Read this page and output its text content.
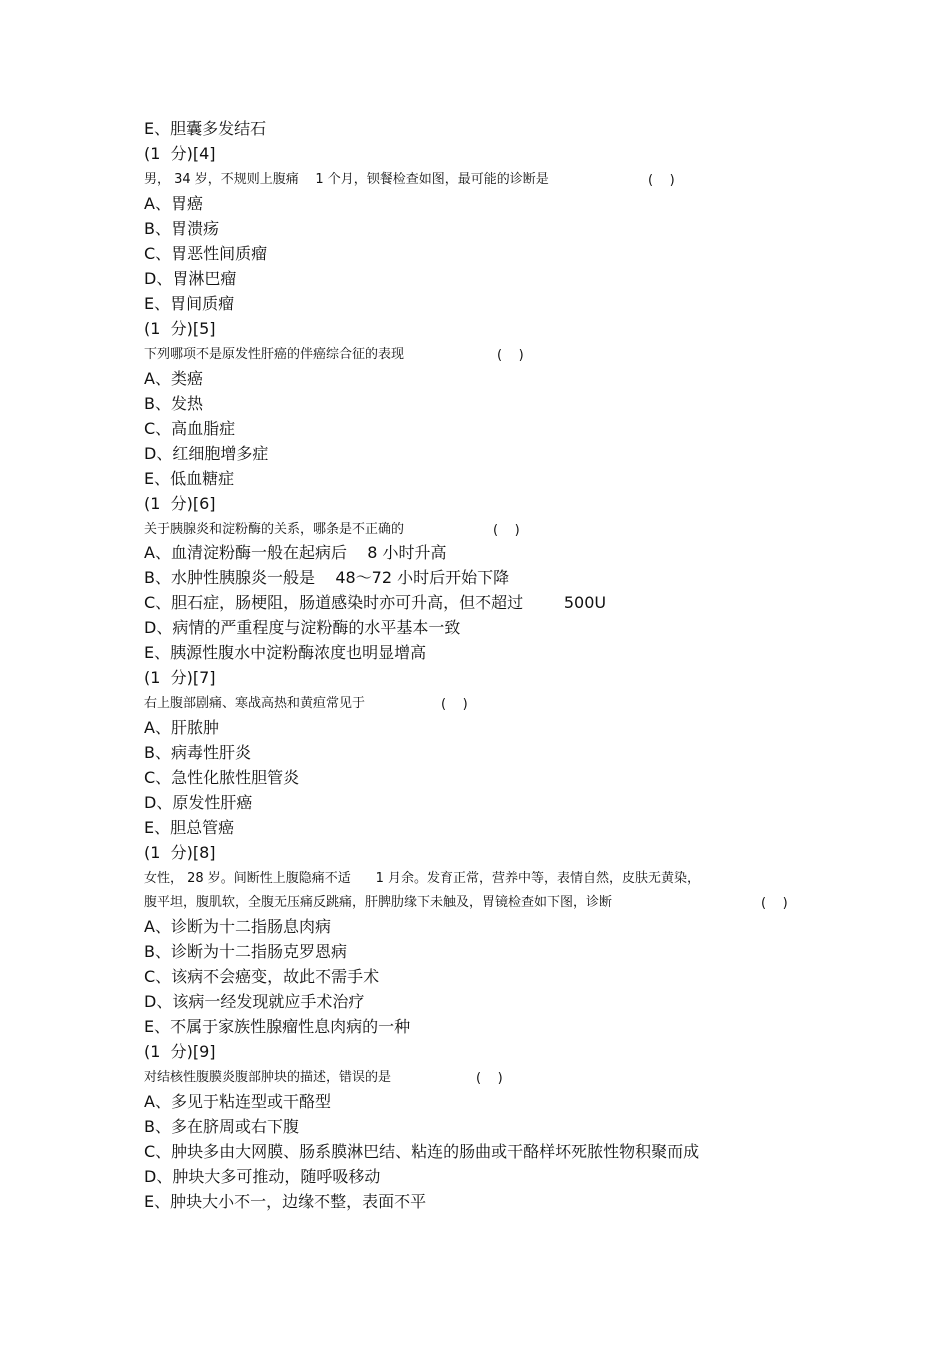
E、胆囊多发结石
(1  分)[4]
男， 34 岁，不规则上腹痛    1 个月，钡餐检查如图，最可能的诊断是	(    )
A、胃癌
B、胃溃疡
C、胃恶性间质瘤
D、胃淋巴瘤
E、胃间质瘤
(1  分)[5]
下列哪项不是原发性肝癌的伴癌综合征的表现	(    )
A、类癌
B、发热
C、高血脂症
D、红细胞增多症
E、低血糖症
(1  分)[6]
关于胰腺炎和淀粉酶的关系，哪条是不正确的	(    )
A、血清淀粉酶一般在起病后    8 小时升高
B、水肿性胰腺炎一般是    48～72 小时后开始下降
C、胆石症，肠梗阻，肠道感染时亦可升高，但不超过        500U
D、病情的严重程度与淀粉酶的水平基本一致
E、胰源性腹水中淀粉酶浓度也明显增高
(1  分)[7]
右上腹部剧痛、寒战高热和黄疸常见于	(    )
A、肝脓肿
B、病毒性肝炎
C、急性化脓性胆管炎
D、原发性肝癌
E、胆总管癌
(1  分)[8]
女性， 28 岁。间断性上腹隐痛不适      1 月余。发育正常，营养中等，表情自然，皮肤无黄染，
腹平坦，腹肌软，全腹无压痛反跳痛，肝脾肋缘下未触及，胃镜检查如下图，诊断	(    )
A、诊断为十二指肠息肉病
B、诊断为十二指肠克罗恩病
C、该病不会癌变，故此不需手术
D、该病一经发现就应手术治疗
E、不属于家族性腺瘤性息肉病的一种
(1  分)[9]
对结核性腹膜炎腹部肿块的描述，错误的是	(    )
A、多见于粘连型或干酪型
B、多在脐周或右下腹
C、肿块多由大网膜、肠系膜淋巴结、粘连的肠曲或干酪样坏死脓性物积聚而成
D、肿块大多可推动，随呼吸移动
E、肿块大小不一，边缘不整，表面不平
